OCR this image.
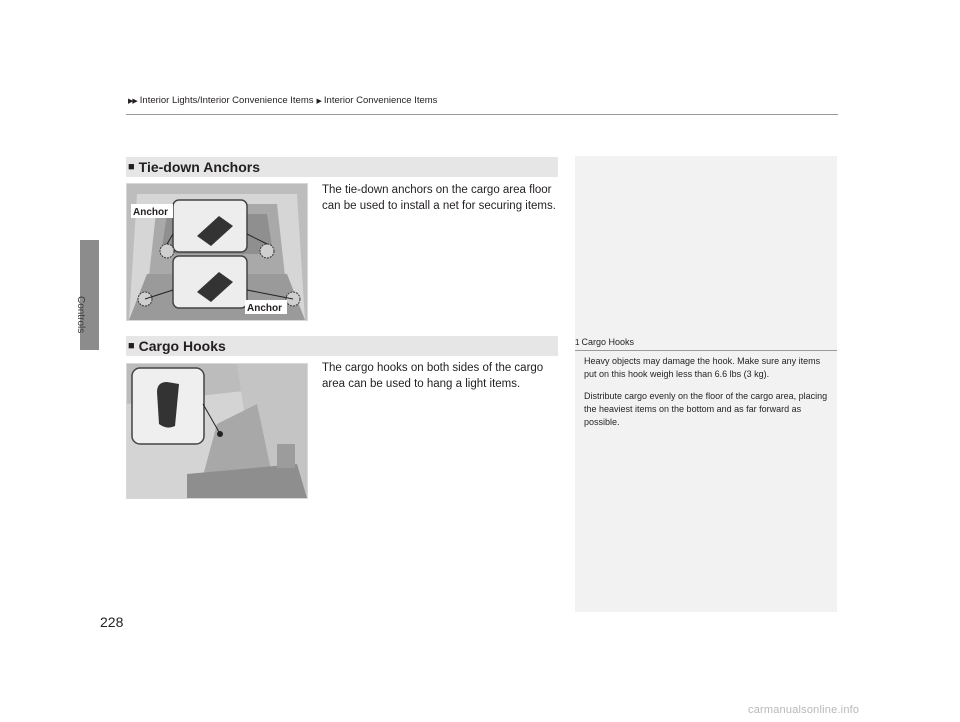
Controls
▶▶ Interior Lights/Interior Convenience Items ▶ Interior Convenience Items
■ Tie-down Anchors
The tie-down anchors on the cargo area floor can be used to install a net for securing items.
Anchor
Anchor
■ Cargo Hooks
The cargo hooks on both sides of the cargo area can be used to hang a light items.
1 Cargo Hooks

Heavy objects may damage the hook. Make sure any items put on this hook weigh less than 6.6 lbs (3 kg).

Distribute cargo evenly on the floor of the cargo area, placing the heaviest items on the bottom and as far forward as possible.

228
carmanualsonline.info
